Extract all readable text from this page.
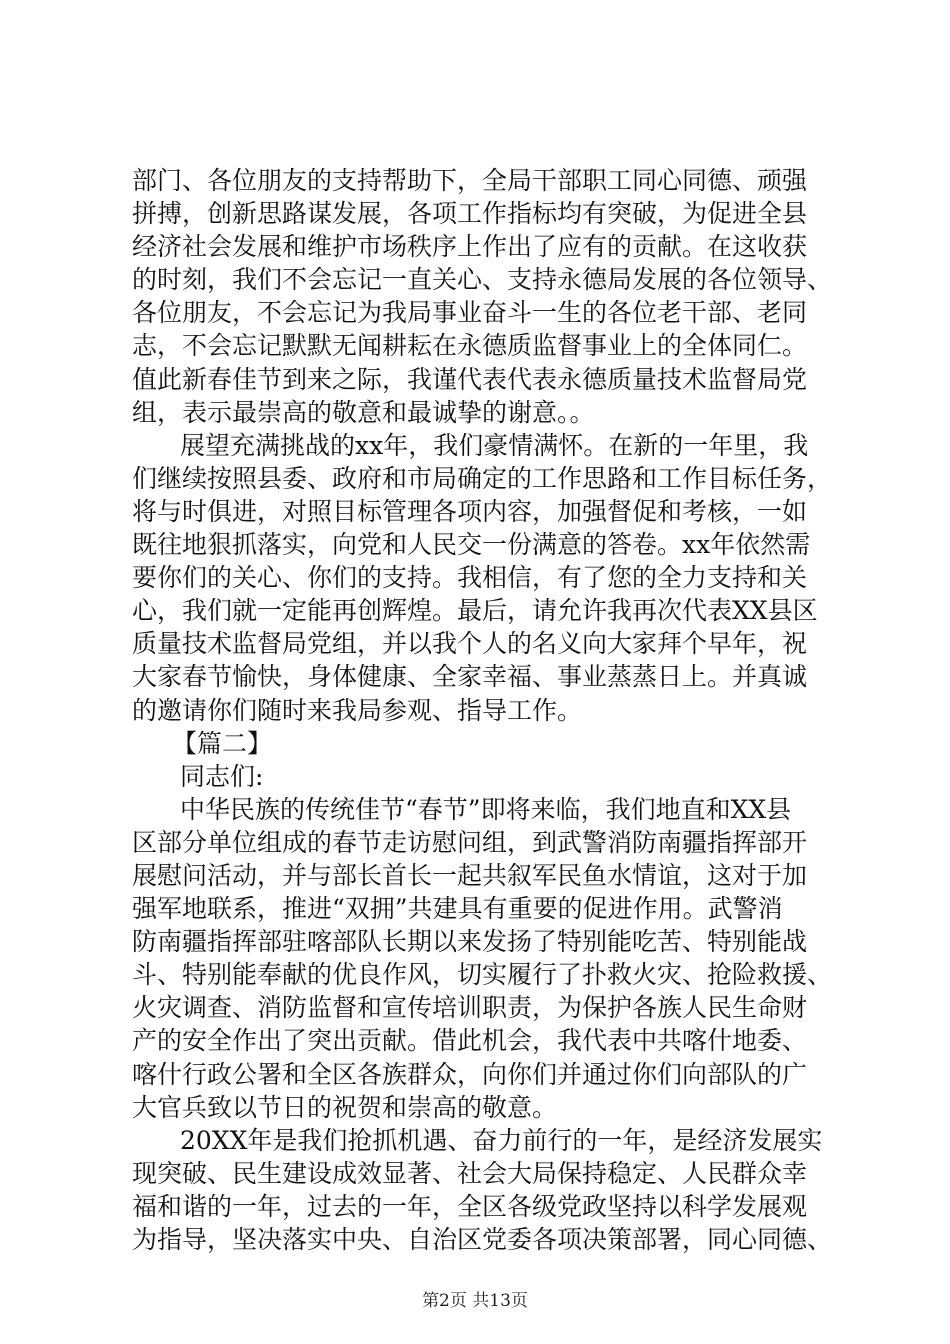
部门、各位朋友的支持帮助下，全局干部职工同心同德、顽强
拼搏，创新思路谋发展，各项工作指标均有突破，为促进全县
经济社会发展和维护市场秩序上作出了应有的贡献。在这收获
的时刻，我们不会忘记一直关心、支持永德局发展的各位领导、
各位朋友，不会忘记为我局事业奋斗一生的各位老干部、老同
志，不会忘记默默无闻耕耘在永德质监督事业上的全体同仁。
值此新春佳节到来之际，我谨代表代表永德质量技术监督局党
组，表示最崇高的敬意和最诚挚的谢意。。
展望充满挑战的xx年，我们豪情满怀。在新的一年里，我
们继续按照县委、政府和市局确定的工作思路和工作目标任务，
将与时俱进，对照目标管理各项内容，加强督促和考核，一如
既往地狠抓落实，向党和人民交一份满意的答卷。xx年依然需
要你们的关心、你们的支持。我相信，有了您的全力支持和关
心，我们就一定能再创辉煌。最后，请允许我再次代表XX县区
质量技术监督局党组，并以我个人的名义向大家拜个早年，祝
大家春节愉快，身体健康、全家幸福、事业蒸蒸日上。并真诚
的邀请你们随时来我局参观、指导工作。
【篇二】
同志们:
中华民族的传统佳节“春节”即将来临，我们地直和XX县
区部分单位组成的春节走访慰问组，到武警消防南疆指挥部开
展慰问活动，并与部长首长一起共叙军民鱼水情谊，这对于加
强军地联系，推进“双拥”共建具有重要的促进作用。武警消
防南疆指挥部驻喀部队长期以来发扬了特别能吃苦、特别能战
斗、特别能奉献的优良作风，切实履行了扑救火灾、抢险救援、
火灾调查、消防监督和宣传培训职责，为保护各族人民生命财
产的安全作出了突出贡献。借此机会，我代表中共喀什地委、
喀什行政公署和全区各族群众，向你们并通过你们向部队的广
大官兵致以节日的祝贺和崇高的敬意。
20XX年是我们抢抓机遇、奋力前行的一年，是经济发展实
现突破、民生建设成效显著、社会大局保持稳定、人民群众幸
福和谐的一年，过去的一年，全区各级党政坚持以科学发展观
为指导，坚决落实中央、自治区党委各项决策部署，同心同德、
第2页 共13页
